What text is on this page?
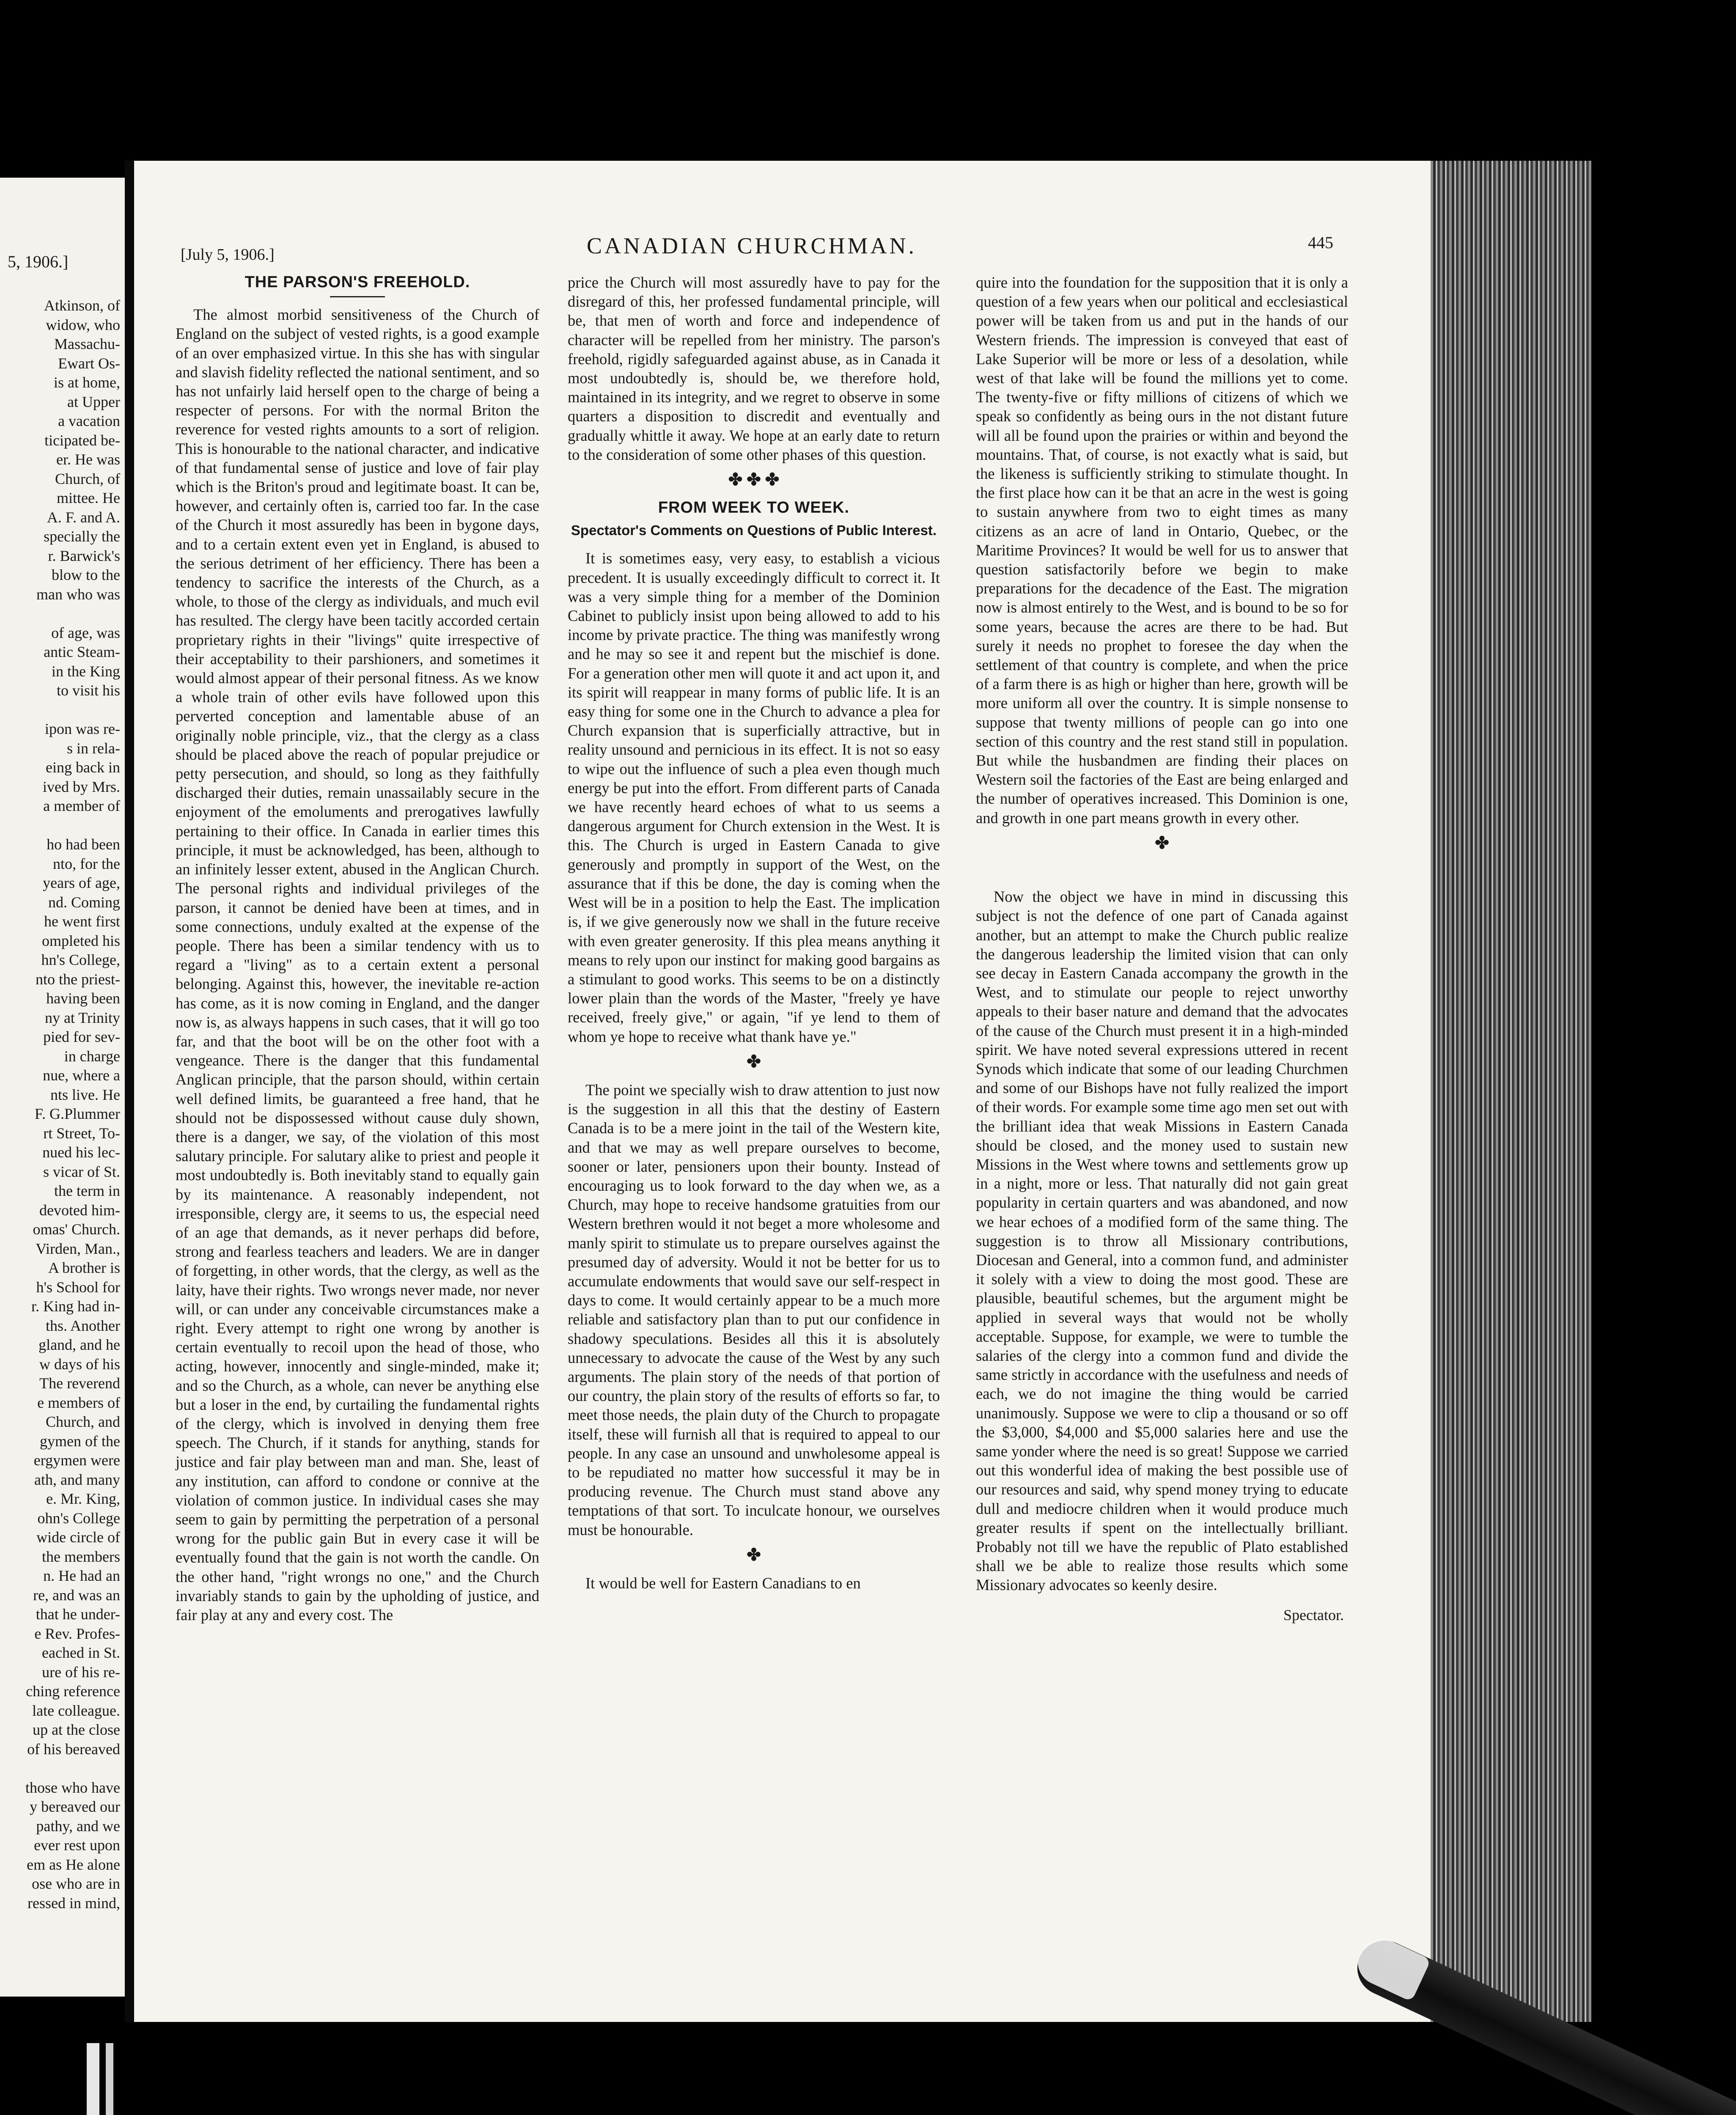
5, 1906.]
Atkinson, of
widow, who
Massachu-
Ewart Os-
is at home,
at Upper
a vacation
ticipated be-
er. He was
Church, of
mittee. He
A. F. and A.
specially the
r. Barwick's
blow to the
man who was

of age, was
antic Steam-
in the King
to visit his

ipon was re-
s in rela-
eing back in
ived by Mrs.
a member of

ho had been
nto, for the
years of age,
nd. Coming
he went first
ompleted his
hn's College,
nto the priest-
having been
ny at Trinity
pied for sev-
in charge
nue, where a
nts live. He
F. G.Plummer
rt Street, To-
nued his lec-
s vicar of St.
the term in
devoted him-
omas' Church.
Virden, Man.,
A brother is
h's School for
r. King had in-
ths. Another
gland, and he
w days of his
The reverend
e members of
Church, and
gymen of the
ergymen were
ath, and many
e. Mr. King,
ohn's College
wide circle of
the members
n. He had an
re, and was an
that he under-
e Rev. Profes-
eached in St.
ure of his re-
ching reference
late colleague.
up at the close
of his bereaved

those who have
y bereaved our
pathy, and we
ever rest upon
em as He alone
ose who are in
ressed in mind,
[July 5, 1906.]	CANADIAN CHURCHMAN.	445
THE PARSON'S FREEHOLD.

The almost morbid sensitiveness of the Church of England on the subject of vested rights, is a good example of an over emphasized virtue. In this she has with singular and slavish fidelity reflected the national sentiment, and so has not unfairly laid herself open to the charge of being a respecter of persons. For with the normal Briton the reverence for vested rights amounts to a sort of religion. This is honourable to the national character, and indicative of that fundamental sense of justice and love of fair play which is the Briton's proud and legitimate boast. It can be, however, and certainly often is, carried too far. In the case of the Church it most assuredly has been in bygone days, and to a certain extent even yet in England, is abused to the serious detriment of her efficiency. There has been a tendency to sacrifice the interests of the Church, as a whole, to those of the clergy as individuals, and much evil has resulted. The clergy have been tacitly accorded certain proprietary rights in their "livings" quite irrespective of their acceptability to their parshioners, and sometimes it would almost appear of their personal fitness. As we know a whole train of other evils have followed upon this perverted conception and lamentable abuse of an originally noble principle, viz., that the clergy as a class should be placed above the reach of popular prejudice or petty persecution, and should, so long as they faithfully discharged their duties, remain unassailably secure in the enjoyment of the emoluments and prerogatives lawfully pertaining to their office. In Canada in earlier times this principle, it must be acknowledged, has been, although to an infinitely lesser extent, abused in the Anglican Church. The personal rights and individual privileges of the parson, it cannot be denied have been at times, and in some connections, unduly exalted at the expense of the people. There has been a similar tendency with us to regard a "living" as to a certain extent a personal belonging. Against this, however, the inevitable re-action has come, as it is now coming in England, and the danger now is, as always happens in such cases, that it will go too far, and that the boot will be on the other foot with a vengeance. There is the danger that this fundamental Anglican principle, that the parson should, within certain well defined limits, be guaranteed a free hand, that he should not be dispossessed without cause duly shown, there is a danger, we say, of the violation of this most salutary principle. For salutary alike to priest and people it most undoubtedly is. Both inevitably stand to equally gain by its maintenance. A reasonably independent, not irresponsible, clergy are, it seems to us, the especial need of an age that demands, as it never perhaps did before, strong and fearless teachers and leaders. We are in danger of forgetting, in other words, that the clergy, as well as the laity, have their rights. Two wrongs never made, nor never will, or can under any conceivable circumstances make a right. Every attempt to right one wrong by another is certain eventually to recoil upon the head of those, who acting, however, innocently and single-minded, make it; and so the Church, as a whole, can never be anything else but a loser in the end, by curtailing the fundamental rights of the clergy, which is involved in denying them free speech. The Church, if it stands for anything, stands for justice and fair play between man and man. She, least of any institution, can afford to condone or connive at the violation of common justice. In individual cases she may seem to gain by permitting the perpetration of a personal wrong for the public gain But in every case it will be eventually found that the gain is not worth the candle. On the other hand, "right wrongs no one," and the Church invariably stands to gain by the upholding of justice, and fair play at any and every cost. The

price the Church will most assuredly have to pay for the disregard of this, her professed fundamental principle, will be, that men of worth and force and independence of character will be repelled from her ministry. The parson's freehold, rigidly safeguarded against abuse, as in Canada it most undoubtedly is, should be, we therefore hold, maintained in its integrity, and we regret to observe in some quarters a disposition to discredit and eventually and gradually whittle it away. We hope at an early date to return to the consideration of some other phases of this question.

✤ ✤ ✤
FROM WEEK TO WEEK.
Spectator's Comments on Questions of Public Interest.

It is sometimes easy, very easy, to establish a vicious precedent. It is usually exceedingly difficult to correct it. It was a very simple thing for a member of the Dominion Cabinet to publicly insist upon being allowed to add to his income by private practice. The thing was manifestly wrong and he may so see it and repent but the mischief is done. For a generation other men will quote it and act upon it, and its spirit will reappear in many forms of public life. It is an easy thing for some one in the Church to advance a plea for Church expansion that is superficially attractive, but in reality unsound and pernicious in its effect. It is not so easy to wipe out the influence of such a plea even though much energy be put into the effort. From different parts of Canada we have recently heard echoes of what to us seems a dangerous argument for Church extension in the West. It is this. The Church is urged in Eastern Canada to give generously and promptly in support of the West, on the assurance that if this be done, the day is coming when the West will be in a position to help the East. The implication is, if we give generously now we shall in the future receive with even greater generosity. If this plea means anything it means to rely upon our instinct for making good bargains as a stimulant to good works. This seems to be on a distinctly lower plain than the words of the Master, "freely ye have received, freely give," or again, "if ye lend to them of whom ye hope to receive what thank have ye."

✤

The point we specially wish to draw attention to just now is the suggestion in all this that the destiny of Eastern Canada is to be a mere joint in the tail of the Western kite, and that we may as well prepare ourselves to become, sooner or later, pensioners upon their bounty. Instead of encouraging us to look forward to the day when we, as a Church, may hope to receive handsome gratuities from our Western brethren would it not beget a more wholesome and manly spirit to stimulate us to prepare ourselves against the presumed day of adversity. Would it not be better for us to accumulate endowments that would save our self-respect in days to come. It would certainly appear to be a much more reliable and satisfactory plan than to put our confidence in shadowy speculations. Besides all this it is absolutely unnecessary to advocate the cause of the West by any such arguments. The plain story of the needs of that portion of our country, the plain story of the results of efforts so far, to meet those needs, the plain duty of the Church to propagate itself, these will furnish all that is required to appeal to our people. In any case an unsound and unwholesome appeal is to be repudiated no matter how successful it may be in producing revenue. The Church must stand above any temptations of that sort. To inculcate honour, we ourselves must be honourable.

✤

It would be well for Eastern Canadians to en

quire into the foundation for the supposition that it is only a question of a few years when our political and ecclesiastical power will be taken from us and put in the hands of our Western friends. The impression is conveyed that east of Lake Superior will be more or less of a desolation, while west of that lake will be found the millions yet to come. The twenty-five or fifty millions of citizens of which we speak so confidently as being ours in the not distant future will all be found upon the prairies or within and beyond the mountains. That, of course, is not exactly what is said, but the likeness is sufficiently striking to stimulate thought. In the first place how can it be that an acre in the west is going to sustain anywhere from two to eight times as many citizens as an acre of land in Ontario, Quebec, or the Maritime Provinces? It would be well for us to answer that question satisfactorily before we begin to make preparations for the decadence of the East. The migration now is almost entirely to the West, and is bound to be so for some years, because the acres are there to be had. But surely it needs no prophet to foresee the day when the settlement of that country is complete, and when the price of a farm there is as high or higher than here, growth will be more uniform all over the country. It is simple nonsense to suppose that twenty millions of people can go into one section of this country and the rest stand still in population. But while the husbandmen are finding their places on Western soil the factories of the East are being enlarged and the number of operatives increased. This Dominion is one, and growth in one part means growth in every other.

✤

Now the object we have in mind in discussing this subject is not the defence of one part of Canada against another, but an attempt to make the Church public realize the dangerous leadership the limited vision that can only see decay in Eastern Canada accompany the growth in the West, and to stimulate our people to reject unworthy appeals to their baser nature and demand that the advocates of the cause of the Church must present it in a high-minded spirit. We have noted several expressions uttered in recent Synods which indicate that some of our leading Churchmen and some of our Bishops have not fully realized the import of their words. For example some time ago men set out with the brilliant idea that weak Missions in Eastern Canada should be closed, and the money used to sustain new Missions in the West where towns and settlements grow up in a night, more or less. That naturally did not gain great popularity in certain quarters and was abandoned, and now we hear echoes of a modified form of the same thing. The suggestion is to throw all Missionary contributions, Diocesan and General, into a common fund, and administer it solely with a view to doing the most good. These are plausible, beautiful schemes, but the argument might be applied in several ways that would not be wholly acceptable. Suppose, for example, we were to tumble the salaries of the clergy into a common fund and divide the same strictly in accordance with the usefulness and needs of each, we do not imagine the thing would be carried unanimously. Suppose we were to clip a thousand or so off the $3,000, $4,000 and $5,000 salaries here and use the same yonder where the need is so great! Suppose we carried out this wonderful idea of making the best possible use of our resources and said, why spend money trying to educate dull and mediocre children when it would produce much greater results if spent on the intellectually brilliant. Probably not till we have the republic of Plato established shall we be able to realize those results which some Missionary advocates so keenly desire.

Spectator.
